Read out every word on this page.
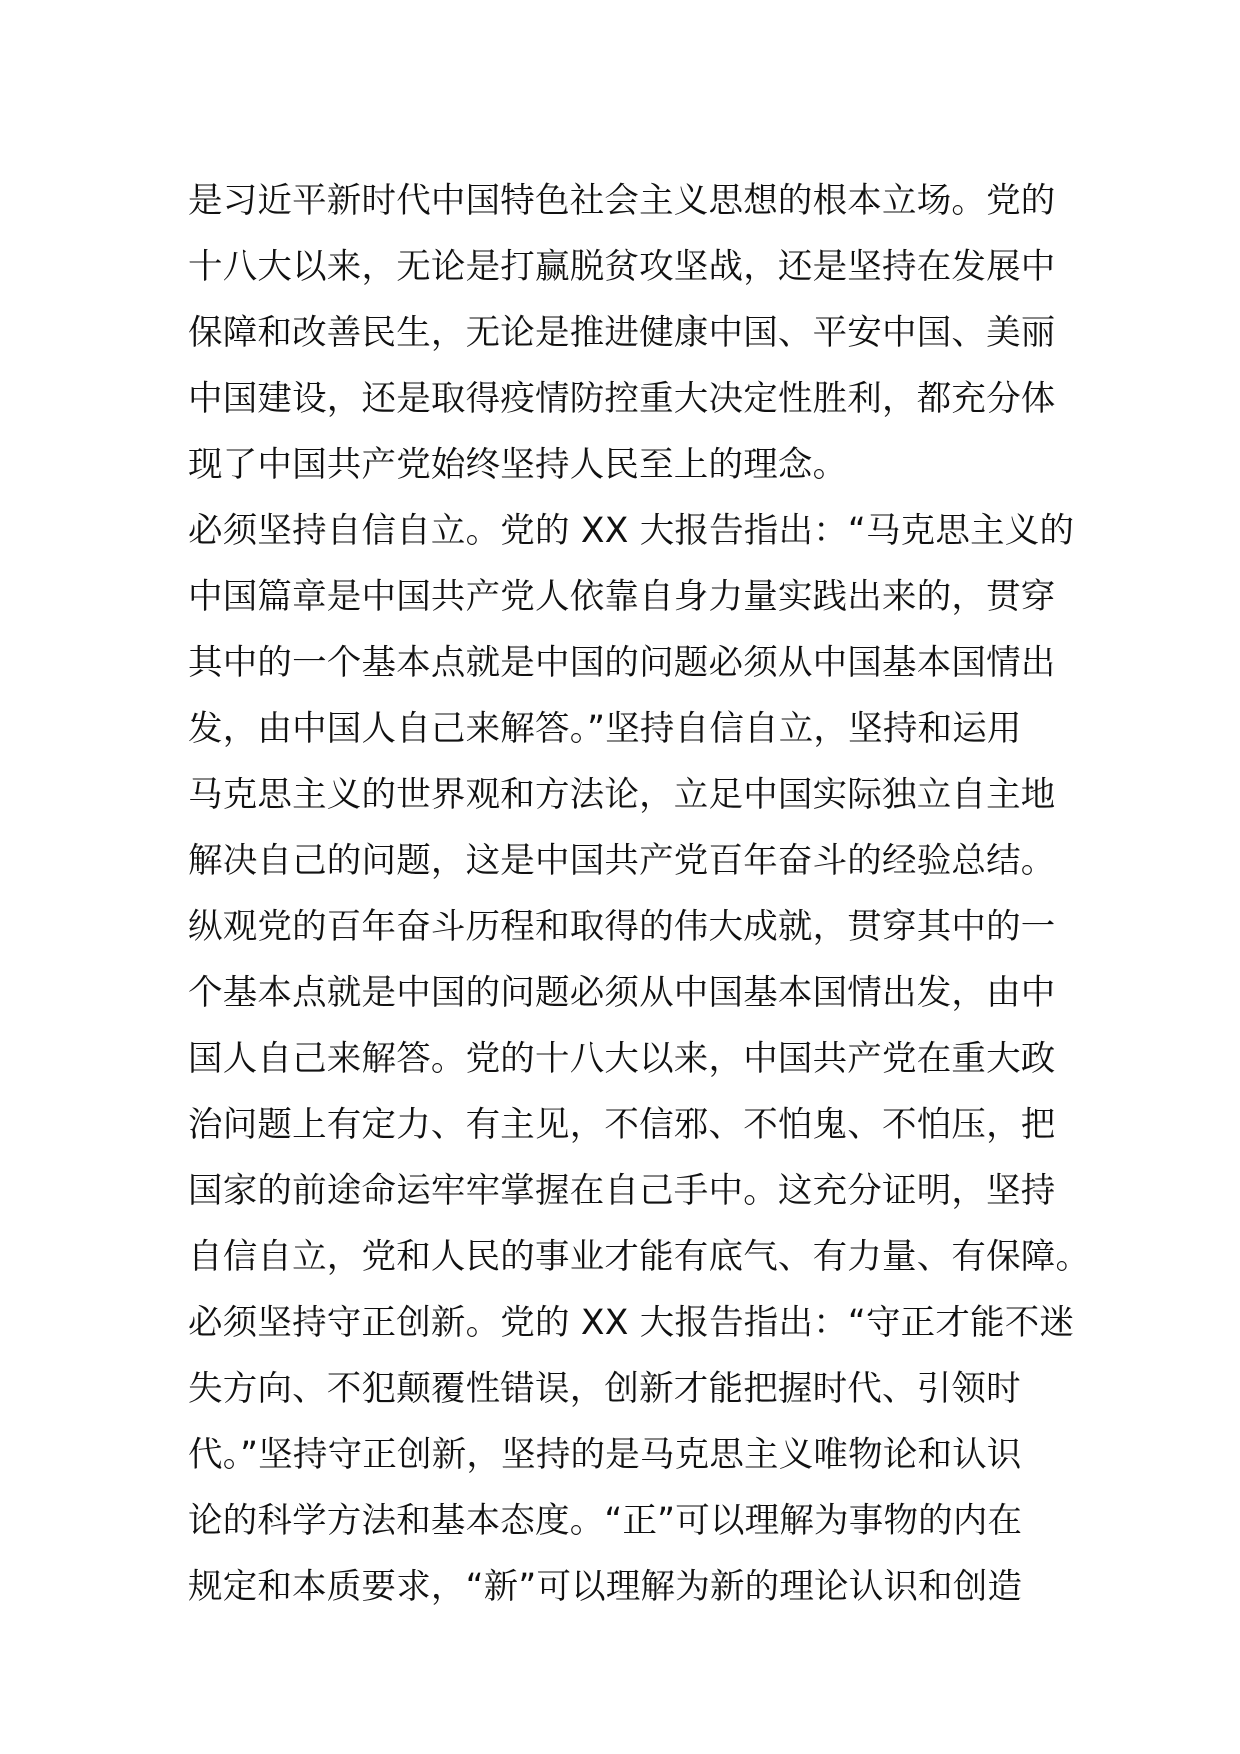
是习近平新时代中国特色社会主义思想的根本立场。党的
十八大以来，无论是打赢脱贫攻坚战，还是坚持在发展中
保障和改善民生，无论是推进健康中国、平安中国、美丽
中国建设，还是取得疫情防控重大决定性胜利，都充分体
现了中国共产党始终坚持人民至上的理念。
必须坚持自信自立。党的 XX 大报告指出：“马克思主义的
中国篇章是中国共产党人依靠自身力量实践出来的，贯穿
其中的一个基本点就是中国的问题必须从中国基本国情出
发，由中国人自己来解答。”坚持自信自立，坚持和运用
马克思主义的世界观和方法论，立足中国实际独立自主地
解决自己的问题，这是中国共产党百年奋斗的经验总结。
纵观党的百年奋斗历程和取得的伟大成就，贯穿其中的一
个基本点就是中国的问题必须从中国基本国情出发，由中
国人自己来解答。党的十八大以来，中国共产党在重大政
治问题上有定力、有主见，不信邪、不怕鬼、不怕压，把
国家的前途命运牢牢掌握在自己手中。这充分证明，坚持
自信自立，党和人民的事业才能有底气、有力量、有保障。
必须坚持守正创新。党的 XX 大报告指出：“守正才能不迷
失方向、不犯颠覆性错误，创新才能把握时代、引领时
代。”坚持守正创新，坚持的是马克思主义唯物论和认识
论的科学方法和基本态度。“正”可以理解为事物的内在
规定和本质要求，“新”可以理解为新的理论认识和创造
